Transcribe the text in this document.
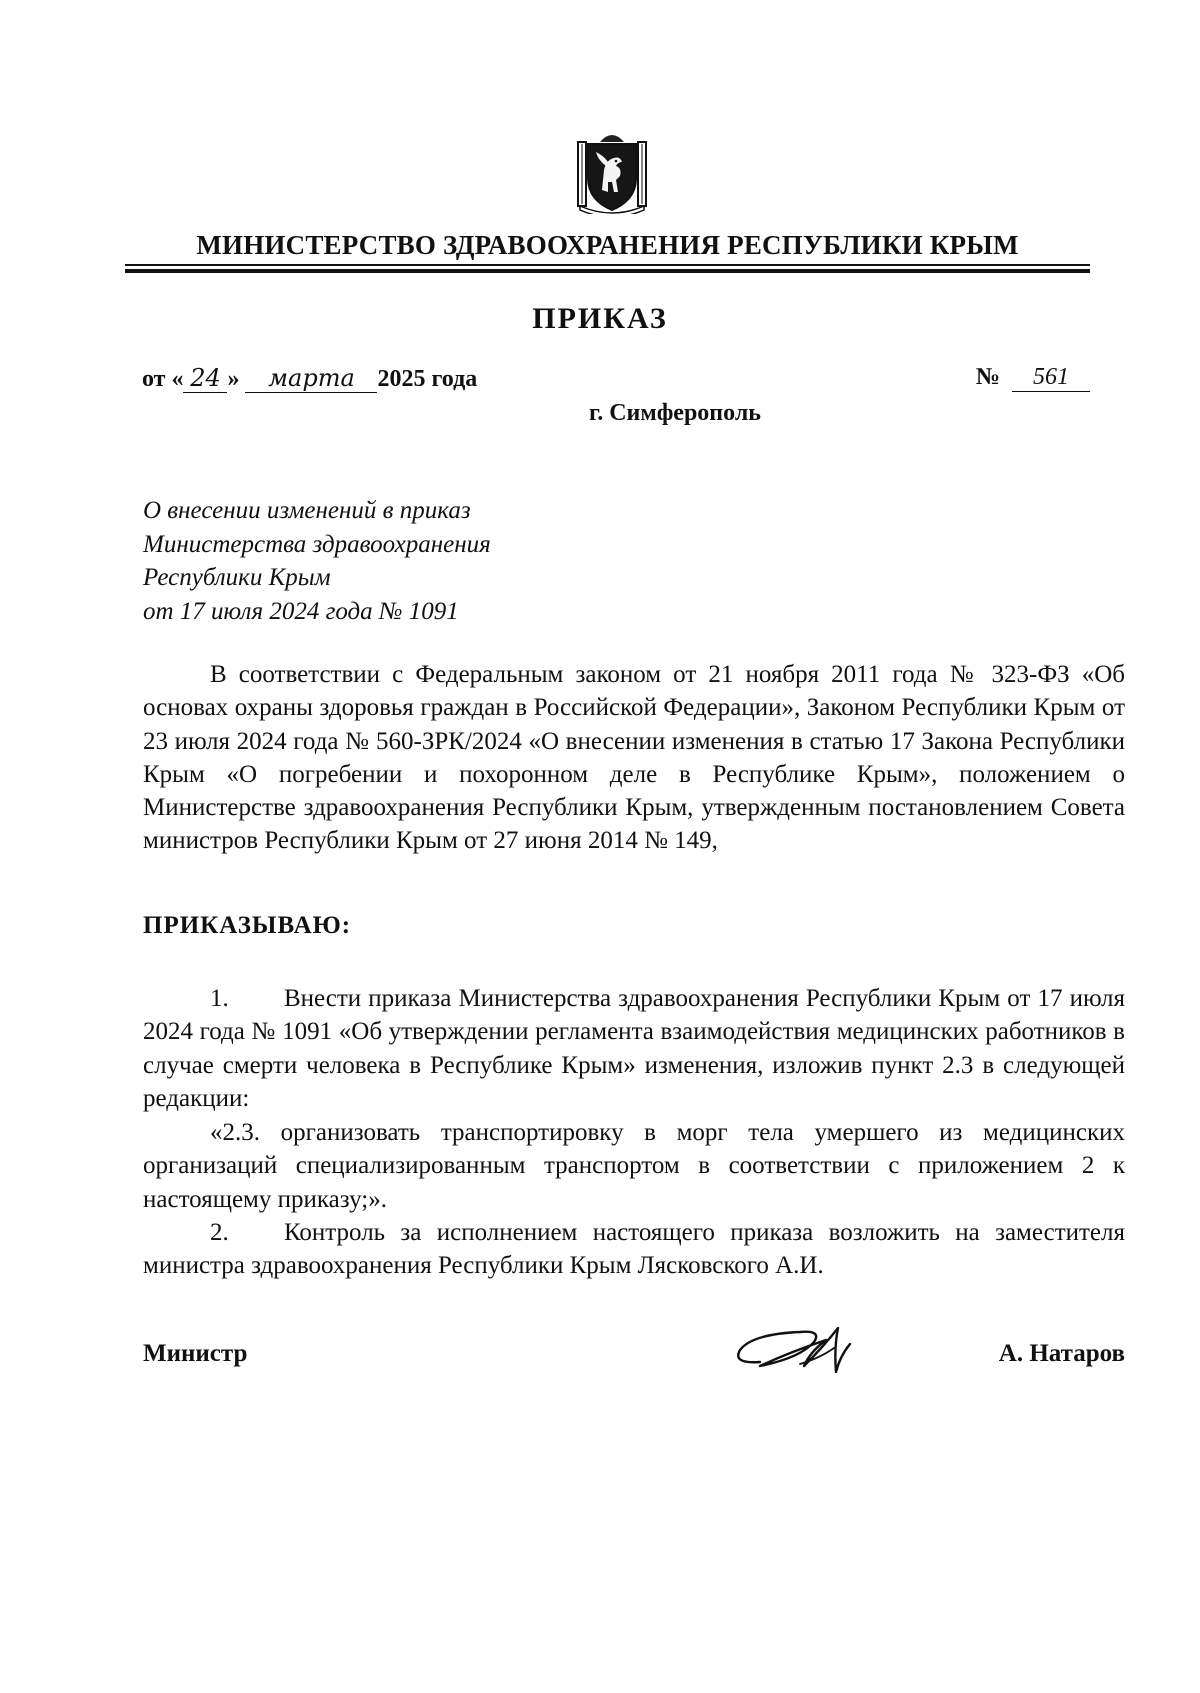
МИНИСТЕРСТВО ЗДРАВООХРАНЕНИЯ РЕСПУБЛИКИ КРЫМ
ПРИКАЗ
от « 24 » марта 2025 года	№ 561
г. Симферополь
О внесении изменений в приказ
Министерства здравоохранения
Республики Крым
от 17 июля 2024 года № 1091
В соответствии с Федеральным законом от 21 ноября 2011 года № 323-ФЗ «Об основах охраны здоровья граждан в Российской Федерации», Законом Республики Крым от 23 июля 2024 года № 560-ЗРК/2024 «О внесении изменения в статью 17 Закона Республики Крым «О погребении и похоронном деле в Республике Крым», положением о Министерстве здравоохранения Республики Крым, утвержденным постановлением Совета министров Республики Крым от 27 июня 2014 № 149,
ПРИКАЗЫВАЮ:
1. Внести приказа Министерства здравоохранения Республики Крым от 17 июля 2024 года № 1091 «Об утверждении регламента взаимодействия медицинских работников в случае смерти человека в Республике Крым» изменения, изложив пункт 2.3 в следующей редакции:
«2.3. организовать транспортировку в морг тела умершего из медицинских организаций специализированным транспортом в соответствии с приложением 2 к настоящему приказу;».
2. Контроль за исполнением настоящего приказа возложить на заместителя министра здравоохранения Республики Крым Лясковского А.И.
Министр	А. Натаров
